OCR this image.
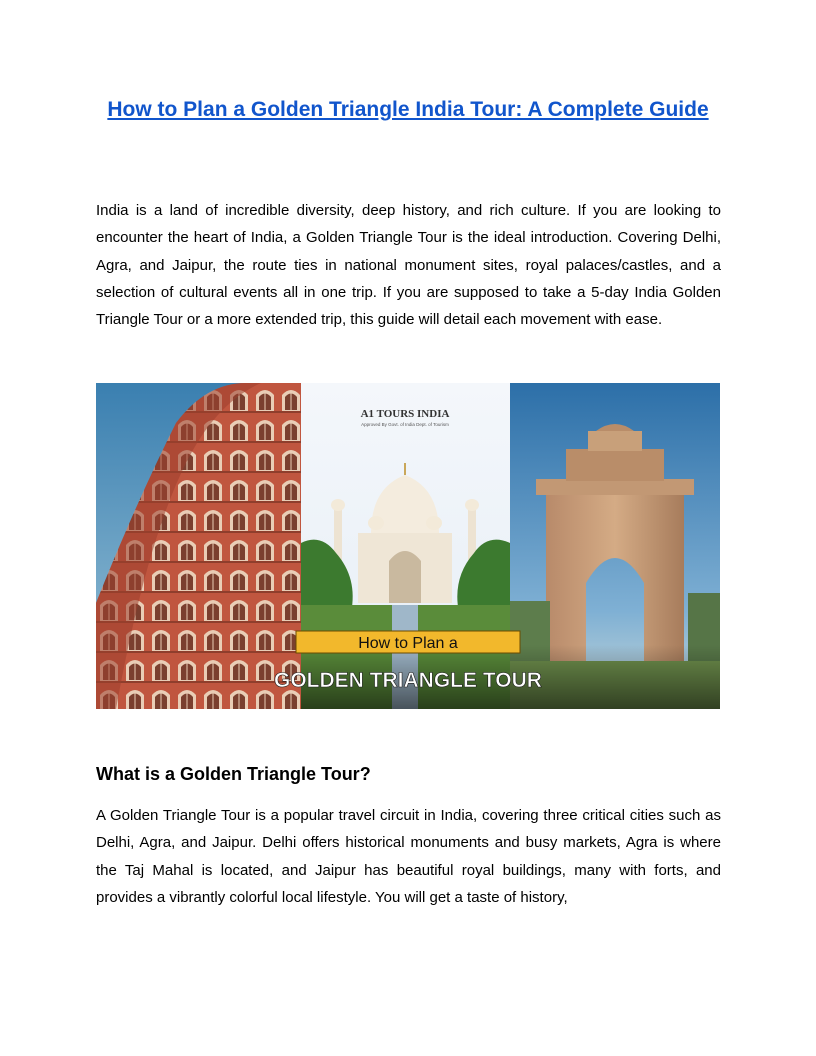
How to Plan a Golden Triangle India Tour: A Complete Guide

India is a land of incredible diversity, deep history, and rich culture. If you are looking to encounter the heart of India, a Golden Triangle Tour is the ideal introduction. Covering Delhi, Agra, and Jaipur, the route ties in national monument sites, royal palaces/castles, and a selection of cultural events all in one trip. If you are supposed to take a 5-day India Golden Triangle Tour or a more extended trip, this guide will detail each movement with ease.

A1 TOURS INDIA
Approved By Govt. of India Dept. of Tourism
How to Plan a
GOLDEN TRIANGLE TOUR
What is a Golden Triangle Tour?

A Golden Triangle Tour is a popular travel circuit in India, covering three critical cities such as Delhi, Agra, and Jaipur. Delhi offers historical monuments and busy markets, Agra is where the Taj Mahal is located, and Jaipur has beautiful royal buildings, many with forts, and provides a vibrantly colorful local lifestyle. You will get a taste of history,
